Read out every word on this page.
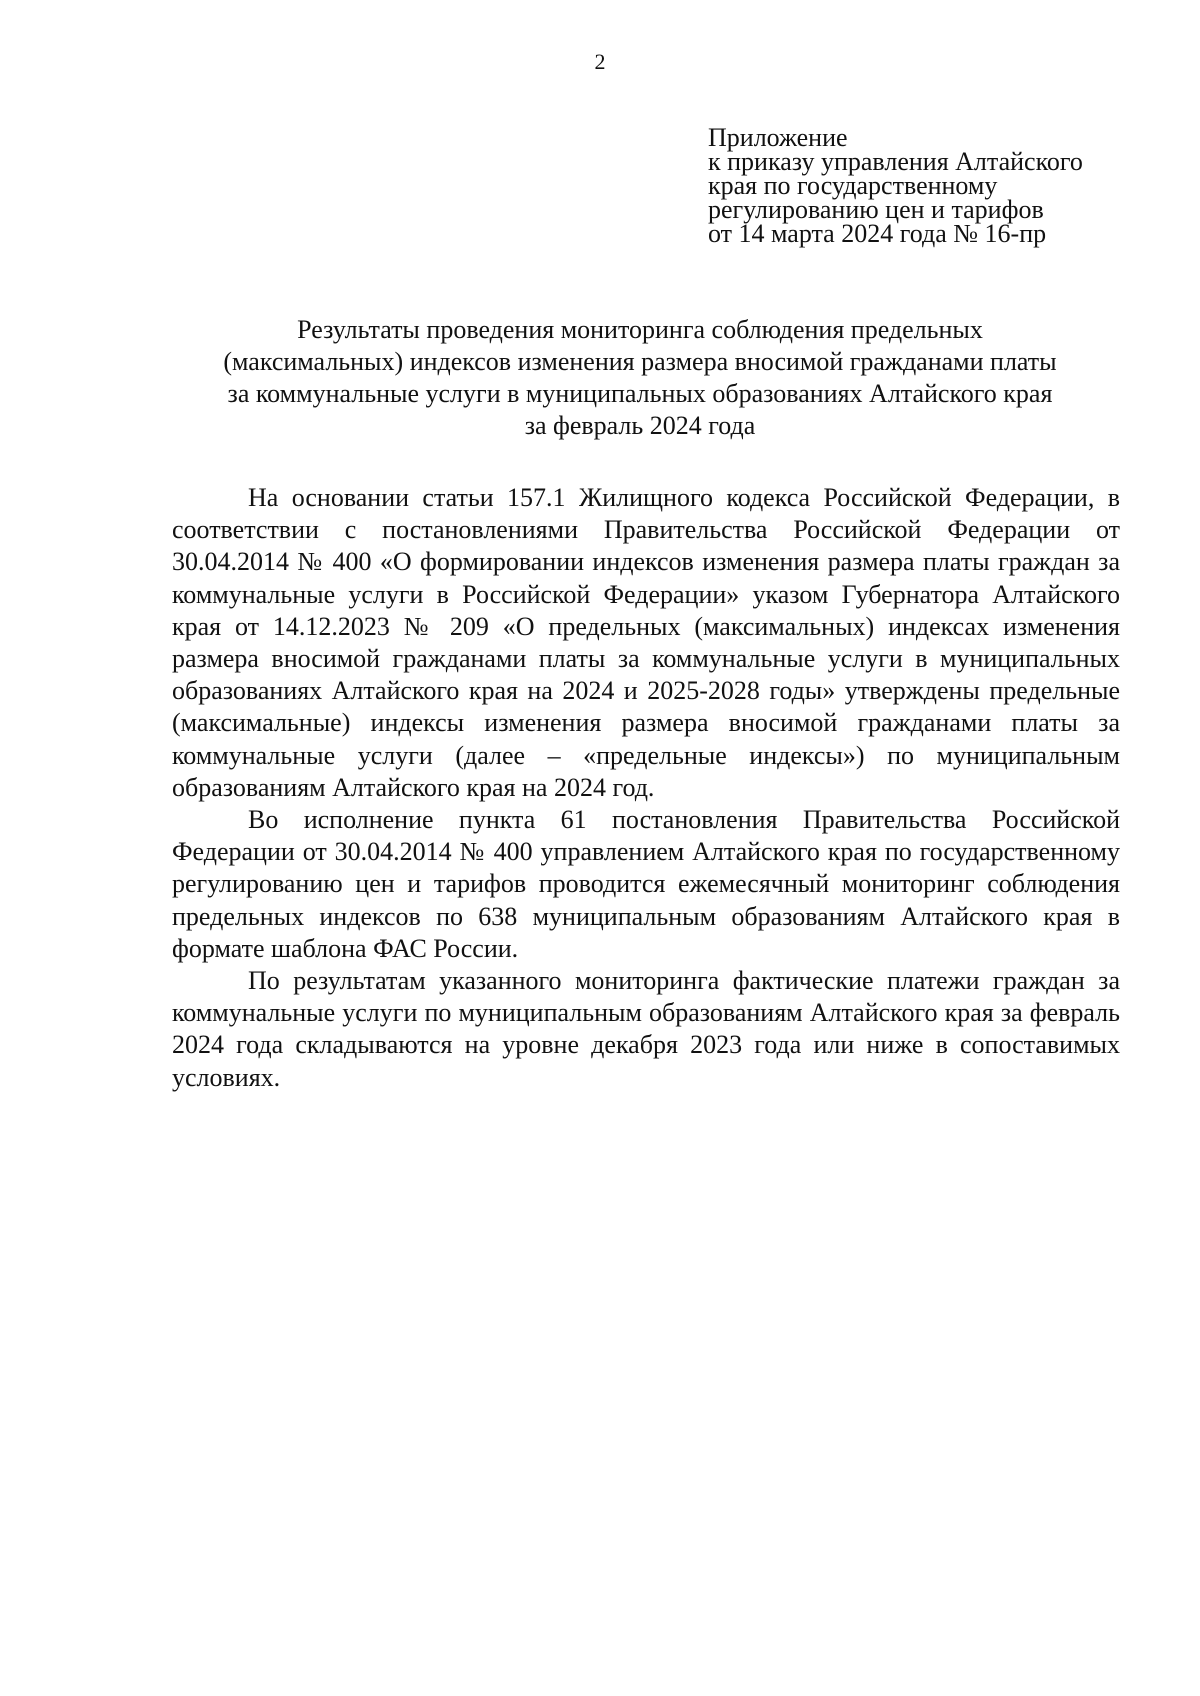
2
Приложение
к приказу управления Алтайского
края по государственному
регулированию цен и тарифов
от 14 марта 2024 года № 16-пр
Результаты проведения мониторинга соблюдения предельных
(максимальных) индексов изменения размера вносимой гражданами платы
за коммунальные услуги в муниципальных образованиях Алтайского края
за февраль 2024 года

На основании статьи 157.1 Жилищного кодекса Российской Федерации, в соответствии с постановлениями Правительства Российской Федерации от 30.04.2014 № 400 «О формировании индексов изменения размера платы граждан за коммунальные услуги в Российской Федерации» указом Губернатора Алтайского края от 14.12.2023 № 209 «О предельных (максимальных) индексах изменения размера вносимой гражданами платы за коммунальные услуги в муниципальных образованиях Алтайского края на 2024 и 2025-2028 годы» утверждены предельные (максимальные) индексы изменения размера вносимой гражданами платы за коммунальные услуги (далее – «предельные индексы») по муниципальным образованиям Алтайского края на 2024 год.

Во исполнение пункта 61 постановления Правительства Российской Федерации от 30.04.2014 № 400 управлением Алтайского края по государственному регулированию цен и тарифов проводится ежемесячный мониторинг соблюдения предельных индексов по 638 муниципальным образованиям Алтайского края в формате шаблона ФАС России.

По результатам указанного мониторинга фактические платежи граждан за коммунальные услуги по муниципальным образованиям Алтайского края за февраль 2024 года складываются на уровне декабря 2023 года или ниже в сопоставимых условиях.
